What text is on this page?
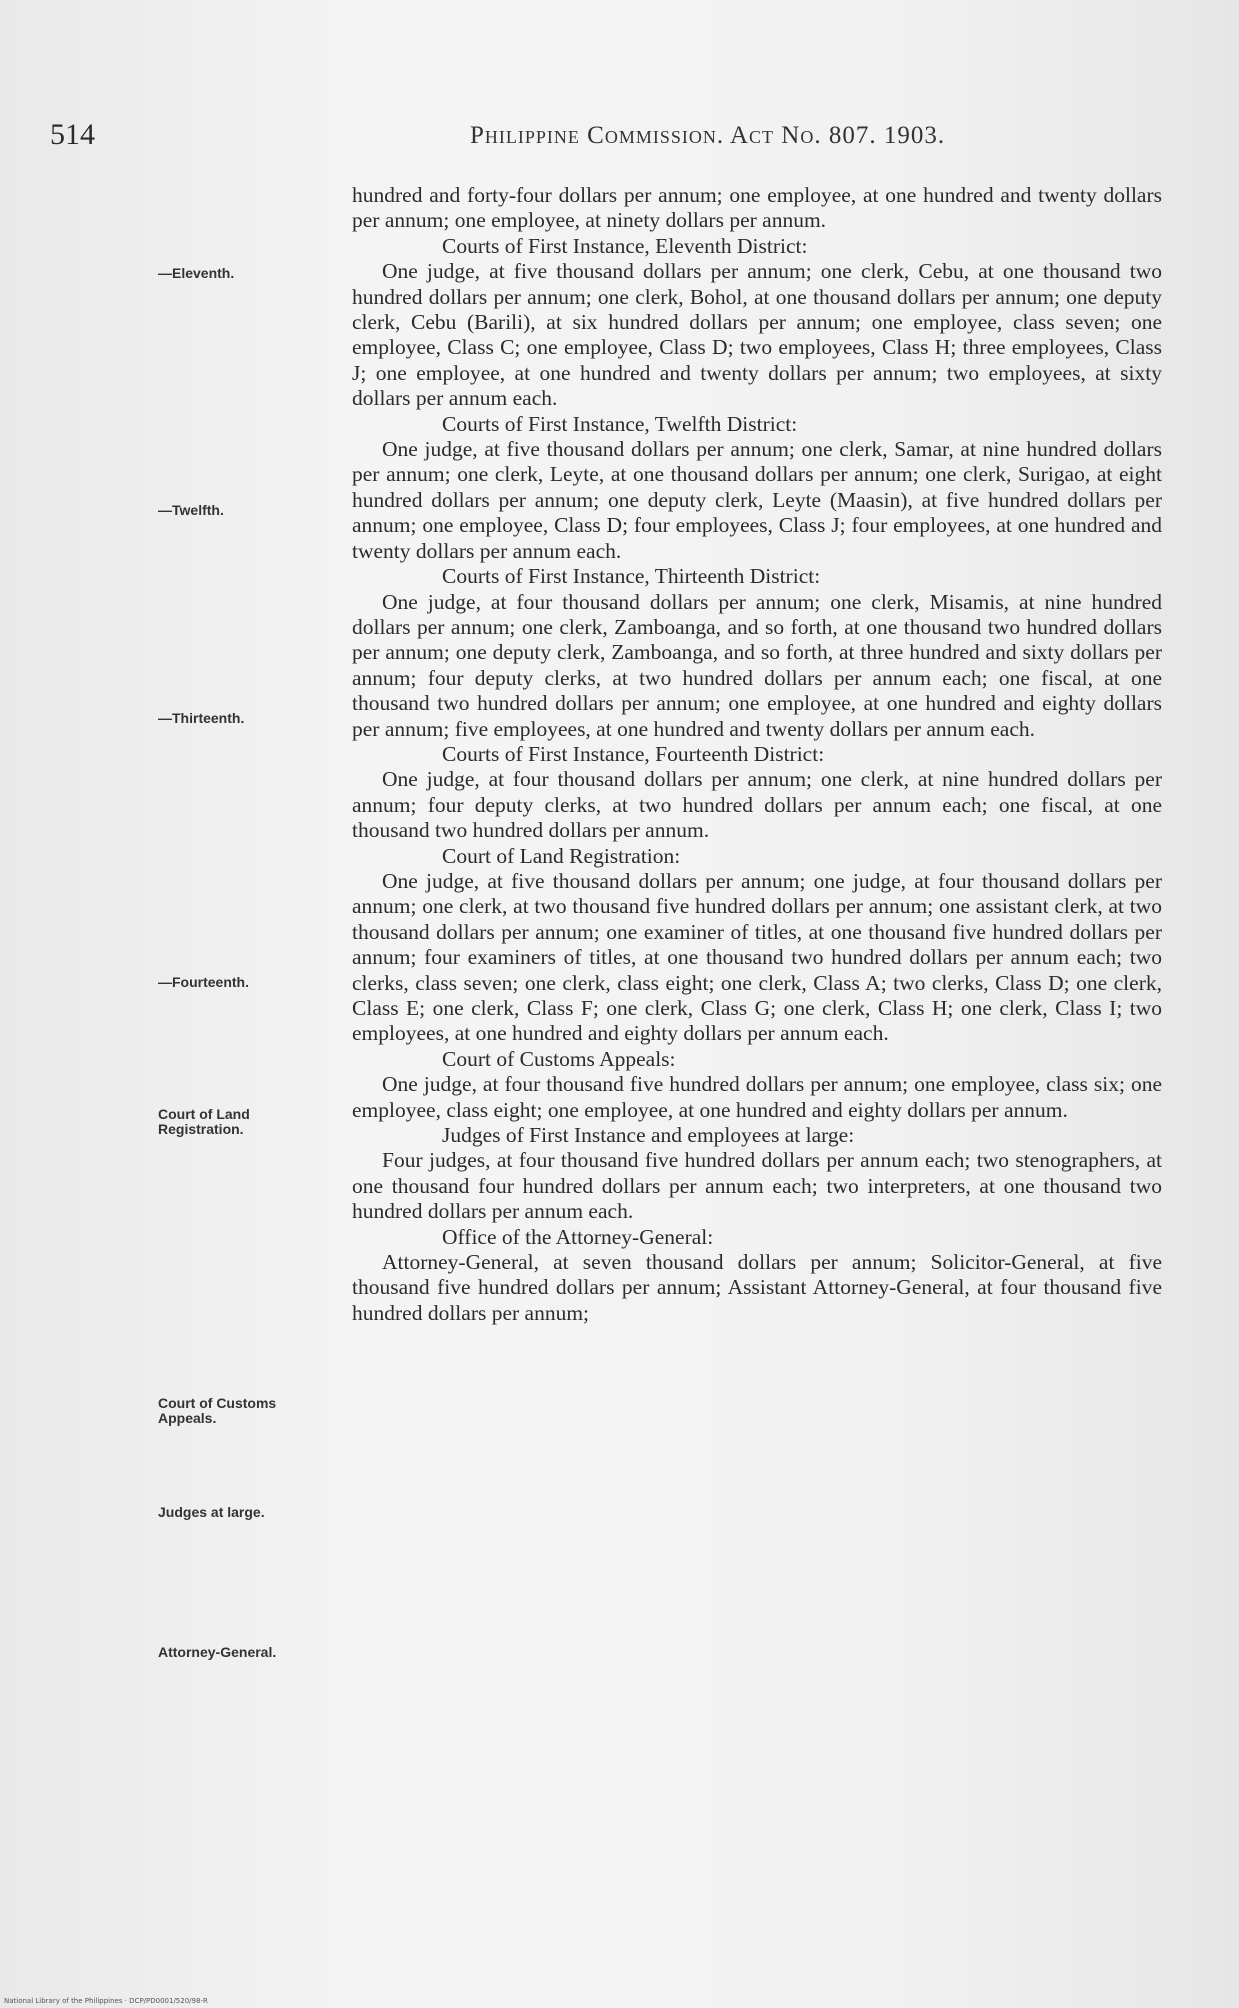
514	Philippine Commission. Act No. 807. 1903.
—Eleventh.
—Twelfth.
—Thirteenth.
—Fourteenth.
Court of Land Registration.
Court of Customs Appeals.
Judges at large.
Attorney-General.

hundred and forty-four dollars per annum; one employee, at one hundred and twenty dollars per annum; one employee, at ninety dollars per annum.

Courts of First Instance, Eleventh District:

One judge, at five thousand dollars per annum; one clerk, Cebu, at one thousand two hundred dollars per annum; one clerk, Bohol, at one thousand dollars per annum; one deputy clerk, Cebu (Barili), at six hundred dollars per annum; one employee, class seven; one employee, Class C; one employee, Class D; two employees, Class H; three employees, Class J; one employee, at one hundred and twenty dollars per annum; two employees, at sixty dollars per annum each.

Courts of First Instance, Twelfth District:

One judge, at five thousand dollars per annum; one clerk, Samar, at nine hundred dollars per annum; one clerk, Leyte, at one thousand dollars per annum; one clerk, Surigao, at eight hundred dollars per annum; one deputy clerk, Leyte (Maasin), at five hundred dollars per annum; one employee, Class D; four employees, Class J; four employees, at one hundred and twenty dollars per annum each.

Courts of First Instance, Thirteenth District:

One judge, at four thousand dollars per annum; one clerk, Misamis, at nine hundred dollars per annum; one clerk, Zamboanga, and so forth, at one thousand two hundred dollars per annum; one deputy clerk, Zamboanga, and so forth, at three hundred and sixty dollars per annum; four deputy clerks, at two hundred dollars per annum each; one fiscal, at one thousand two hundred dollars per annum; one employee, at one hundred and eighty dollars per annum; five employees, at one hundred and twenty dollars per annum each.

Courts of First Instance, Fourteenth District:

One judge, at four thousand dollars per annum; one clerk, at nine hundred dollars per annum; four deputy clerks, at two hundred dollars per annum each; one fiscal, at one thousand two hundred dollars per annum.

Court of Land Registration:

One judge, at five thousand dollars per annum; one judge, at four thousand dollars per annum; one clerk, at two thousand five hundred dollars per annum; one assistant clerk, at two thousand dollars per annum; one examiner of titles, at one thousand five hundred dollars per annum; four examiners of titles, at one thousand two hundred dollars per annum each; two clerks, class seven; one clerk, class eight; one clerk, Class A; two clerks, Class D; one clerk, Class E; one clerk, Class F; one clerk, Class G; one clerk, Class H; one clerk, Class I; two employees, at one hundred and eighty dollars per annum each.

Court of Customs Appeals:

One judge, at four thousand five hundred dollars per annum; one employee, class six; one employee, class eight; one employee, at one hundred and eighty dollars per annum.

Judges of First Instance and employees at large:

Four judges, at four thousand five hundred dollars per annum each; two stenographers, at one thousand four hundred dollars per annum each; two interpreters, at one thousand two hundred dollars per annum each.

Office of the Attorney-General:

Attorney-General, at seven thousand dollars per annum; Solicitor-General, at five thousand five hundred dollars per annum; Assistant Attorney-General, at four thousand five hundred dollars per annum;

National Library of the Philippines · DCP/PD0001/520/98-R
